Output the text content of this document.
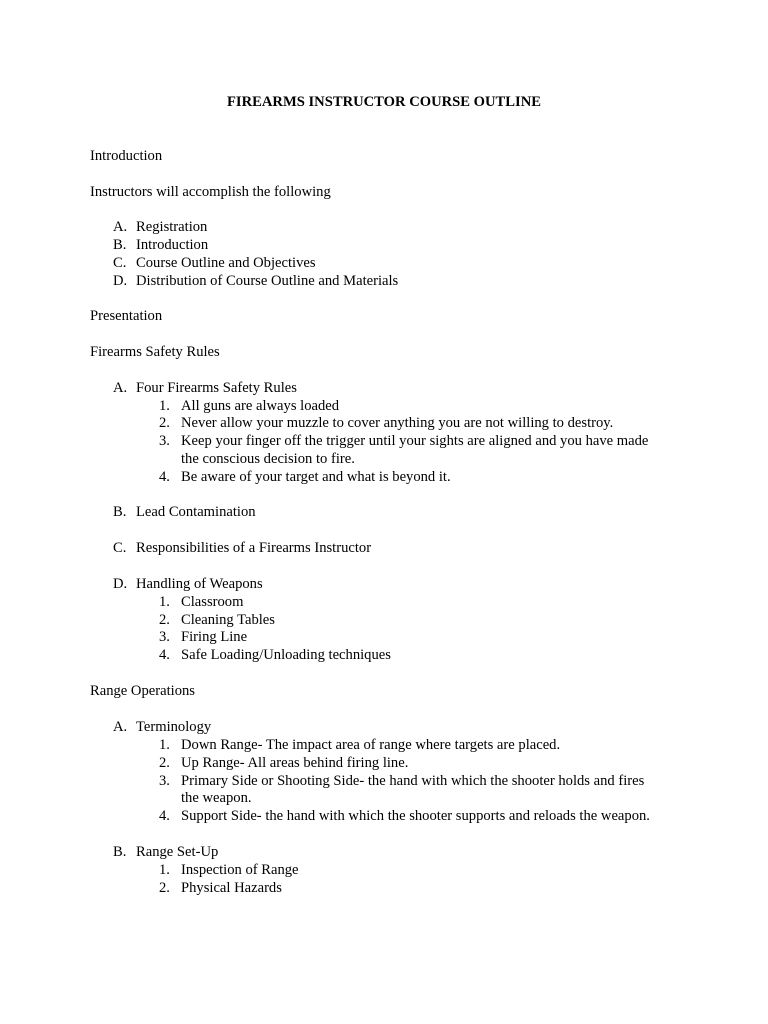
FIREARMS INSTRUCTOR COURSE OUTLINE
Introduction
Instructors will accomplish the following
A. Registration
B. Introduction
C. Course Outline and Objectives
D. Distribution of Course Outline and Materials
Presentation
Firearms Safety Rules
A. Four Firearms Safety Rules
1. All guns are always loaded
2. Never allow your muzzle to cover anything you are not willing to destroy.
3. Keep your finger off the trigger until your sights are aligned and you have made
the conscious decision to fire.
4. Be aware of your target and what is beyond it.
B. Lead Contamination
C. Responsibilities of a Firearms Instructor
D. Handling of Weapons
1. Classroom
2. Cleaning Tables
3. Firing Line
4. Safe Loading/Unloading techniques
Range Operations
A. Terminology
1. Down Range- The impact area of range where targets are placed.
2. Up Range- All areas behind firing line.
3. Primary Side or Shooting Side- the hand with which the shooter holds and fires
the weapon.
4. Support Side- the hand with which the shooter supports and reloads the weapon.
B. Range Set-Up
1. Inspection of Range
2. Physical Hazards
